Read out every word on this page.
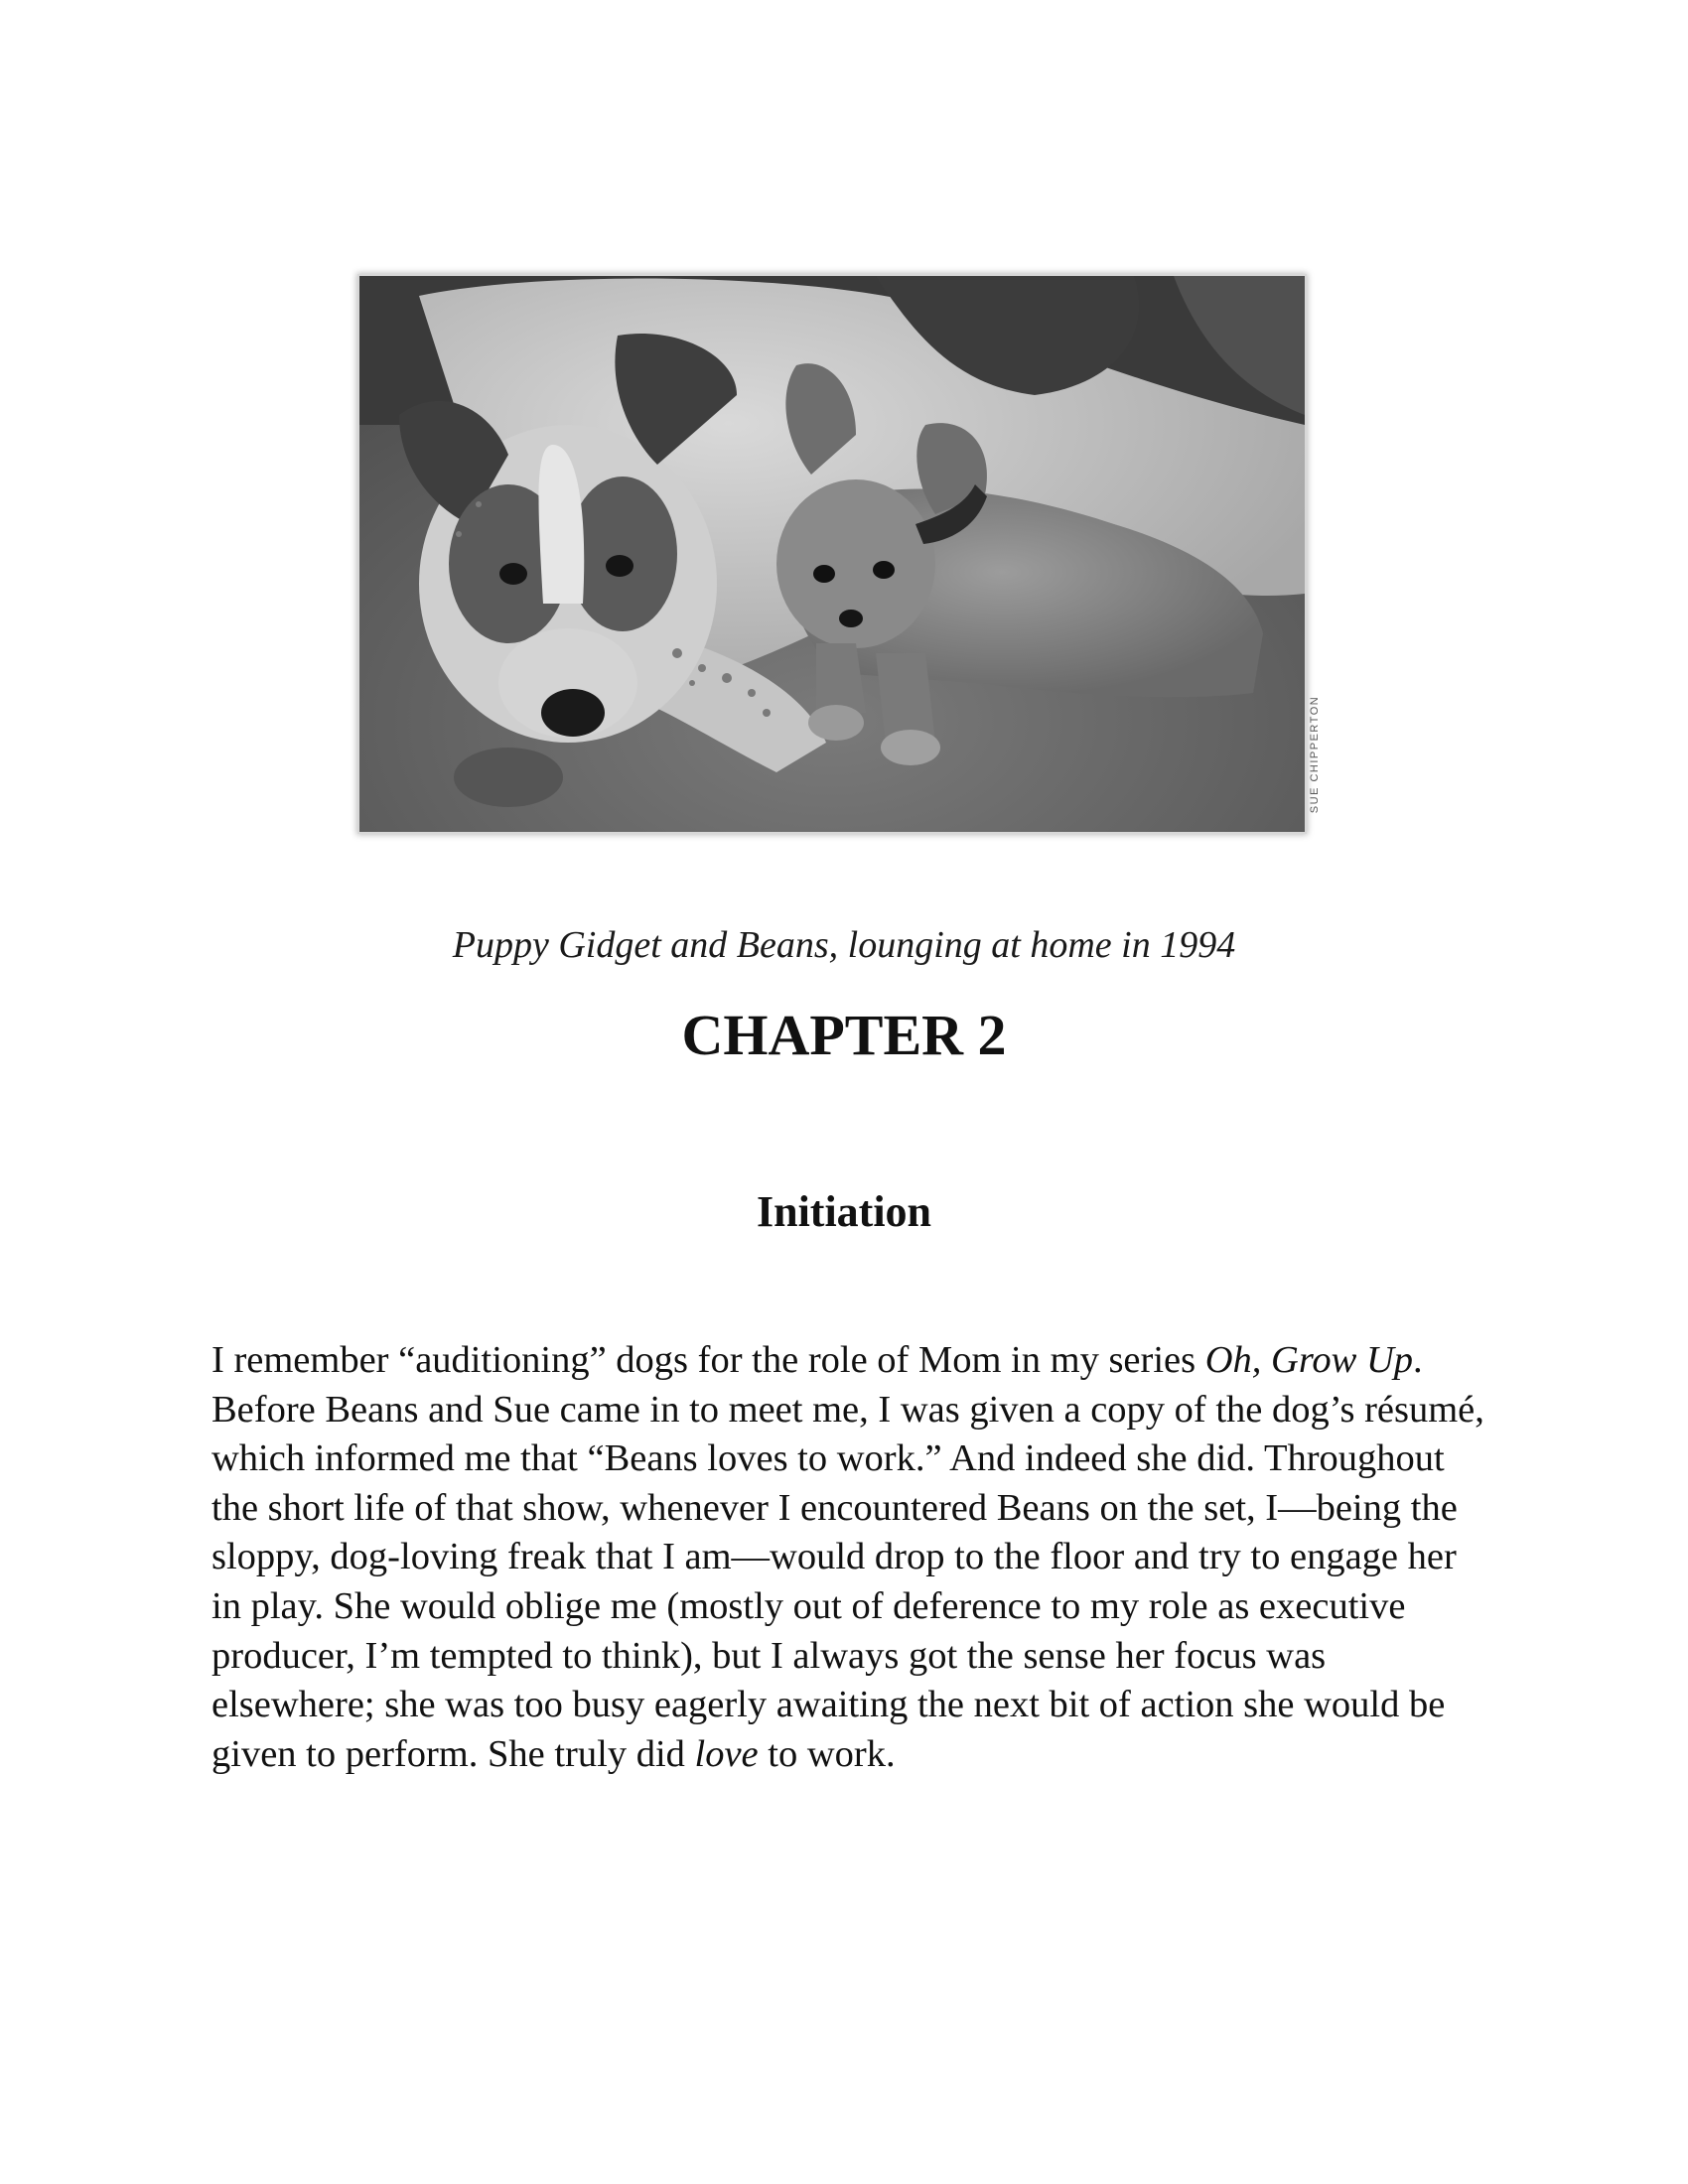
SUE CHIPPERTON
Puppy Gidget and Beans, lounging at home in 1994
CHAPTER 2
Initiation

I remember “auditioning” dogs for the role of Mom in my series Oh, Grow Up. Before Beans and Sue came in to meet me, I was given a copy of the dog’s résumé, which informed me that “Beans loves to work.” And indeed she did. Throughout the short life of that show, whenever I encountered Beans on the set, I—being the sloppy, dog-loving freak that I am—would drop to the floor and try to engage her in play. She would oblige me (mostly out of deference to my role as executive producer, I’m tempted to think), but I always got the sense her focus was elsewhere; she was too busy eagerly awaiting the next bit of action she would be given to perform. She truly did love to work.
